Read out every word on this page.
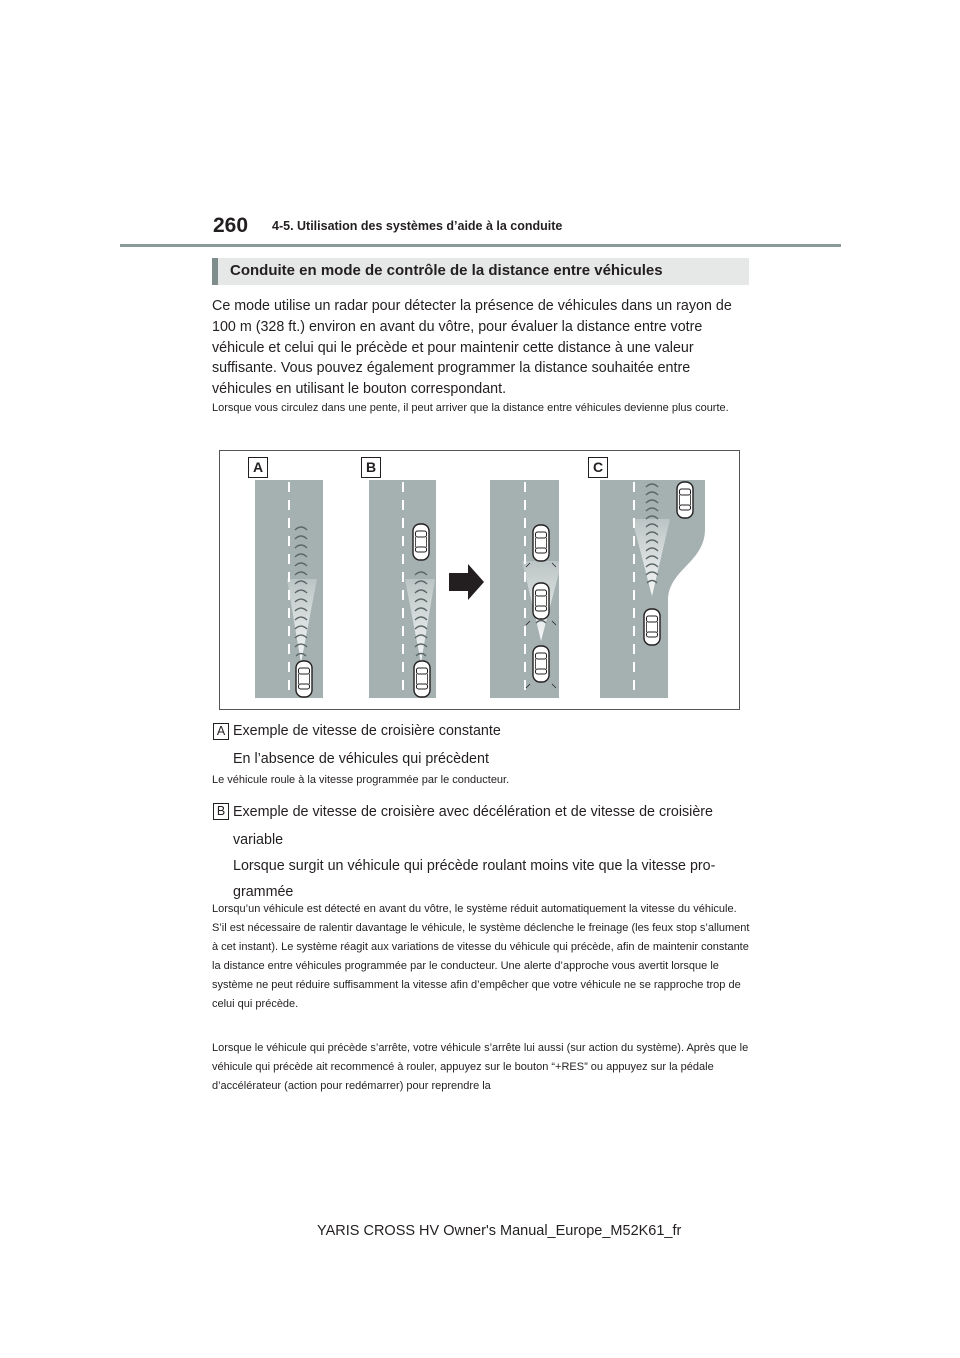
260 4-5. Utilisation des systèmes d’aide à la conduite
Conduite en mode de contrôle de la distance entre véhicules

Ce mode utilise un radar pour détecter la présence de véhicules dans un rayon de 100 m (328 ft.) environ en avant du vôtre, pour évaluer la distance entre votre véhicule et celui qui le précède et pour maintenir cette distance à une valeur suffisante. Vous pouvez également programmer la distance souhaitée entre véhicules en utilisant le bouton correspondant.

Lorsque vous circulez dans une pente, il peut arriver que la distance entre véhicules devienne plus courte.

A	B	C
A Exemple de vitesse de croisière constante

En l’absence de véhicules qui précèdent

Le véhicule roule à la vitesse programmée par le conducteur.

B Exemple de vitesse de croisière avec décélération et de vitesse de croisière

variable

Lorsque surgit un véhicule qui précède roulant moins vite que la vitesse pro-

grammée

Lorsqu’un véhicule est détecté en avant du vôtre, le système réduit automatiquement la vitesse du véhicule. S’il est nécessaire de ralentir davantage le véhicule, le système déclenche le freinage (les feux stop s’allument à cet instant). Le système réagit aux variations de vitesse du véhicule qui précède, afin de maintenir constante la distance entre véhicules programmée par le conducteur. Une alerte d’approche vous avertit lorsque le système ne peut réduire suffisamment la vitesse afin d’empêcher que votre véhicule ne se rapproche trop de celui qui précède.

Lorsque le véhicule qui précède s’arrête, votre véhicule s’arrête lui aussi (sur action du système). Après que le véhicule qui précède ait recommencé à rouler, appuyez sur le bouton “+RES” ou appuyez sur la pédale d’accélérateur (action pour redémarrer) pour reprendre la

YARIS CROSS HV Owner's Manual_Europe_M52K61_fr
